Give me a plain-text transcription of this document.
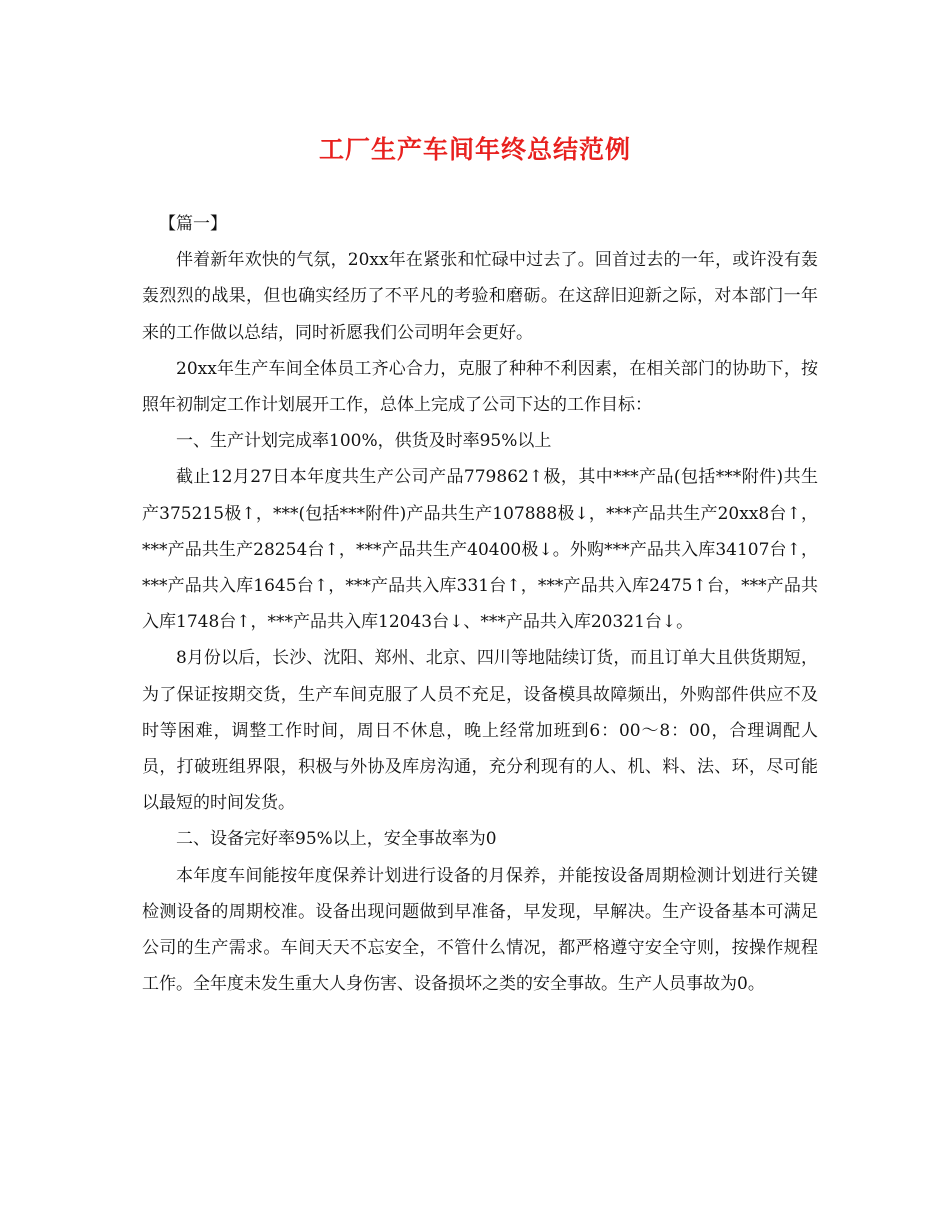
工厂生产车间年终总结范例

【篇一】

伴着新年欢快的气氛，20xx年在紧张和忙碌中过去了。回首过去的一年，或许没有轰轰烈烈的战果，但也确实经历了不平凡的考验和磨砺。在这辞旧迎新之际，对本部门一年来的工作做以总结，同时祈愿我们公司明年会更好。

20xx年生产车间全体员工齐心合力，克服了种种不利因素，在相关部门的协助下，按照年初制定工作计划展开工作，总体上完成了公司下达的工作目标：

一、生产计划完成率100%，供货及时率95%以上

截止12月27日本年度共生产公司产品779862↑极，其中***产品(包括***附件)共生产375215极↑，***(包括***附件)产品共生产107888极↓，***产品共生产20xx8台↑，***产品共生产28254台↑，***产品共生产40400极↓。外购***产品共入库34107台↑，***产品共入库1645台↑，***产品共入库331台↑，***产品共入库2475↑台，***产品共入库1748台↑，***产品共入库12043台↓、***产品共入库20321台↓。

8月份以后，长沙、沈阳、郑州、北京、四川等地陆续订货，而且订单大且供货期短，为了保证按期交货，生产车间克服了人员不充足，设备模具故障频出，外购部件供应不及时等困难，调整工作时间，周日不休息，晚上经常加班到6：00～8：00，合理调配人员，打破班组界限，积极与外协及库房沟通，充分利现有的人、机、料、法、环，尽可能以最短的时间发货。

二、设备完好率95%以上，安全事故率为0

本年度车间能按年度保养计划进行设备的月保养，并能按设备周期检测计划进行关键检测设备的周期校准。设备出现问题做到早准备，早发现，早解决。生产设备基本可满足公司的生产需求。车间天天不忘安全，不管什么情况，都严格遵守安全守则，按操作规程工作。全年度未发生重大人身伤害、设备损坏之类的安全事故。生产人员事故为0。
